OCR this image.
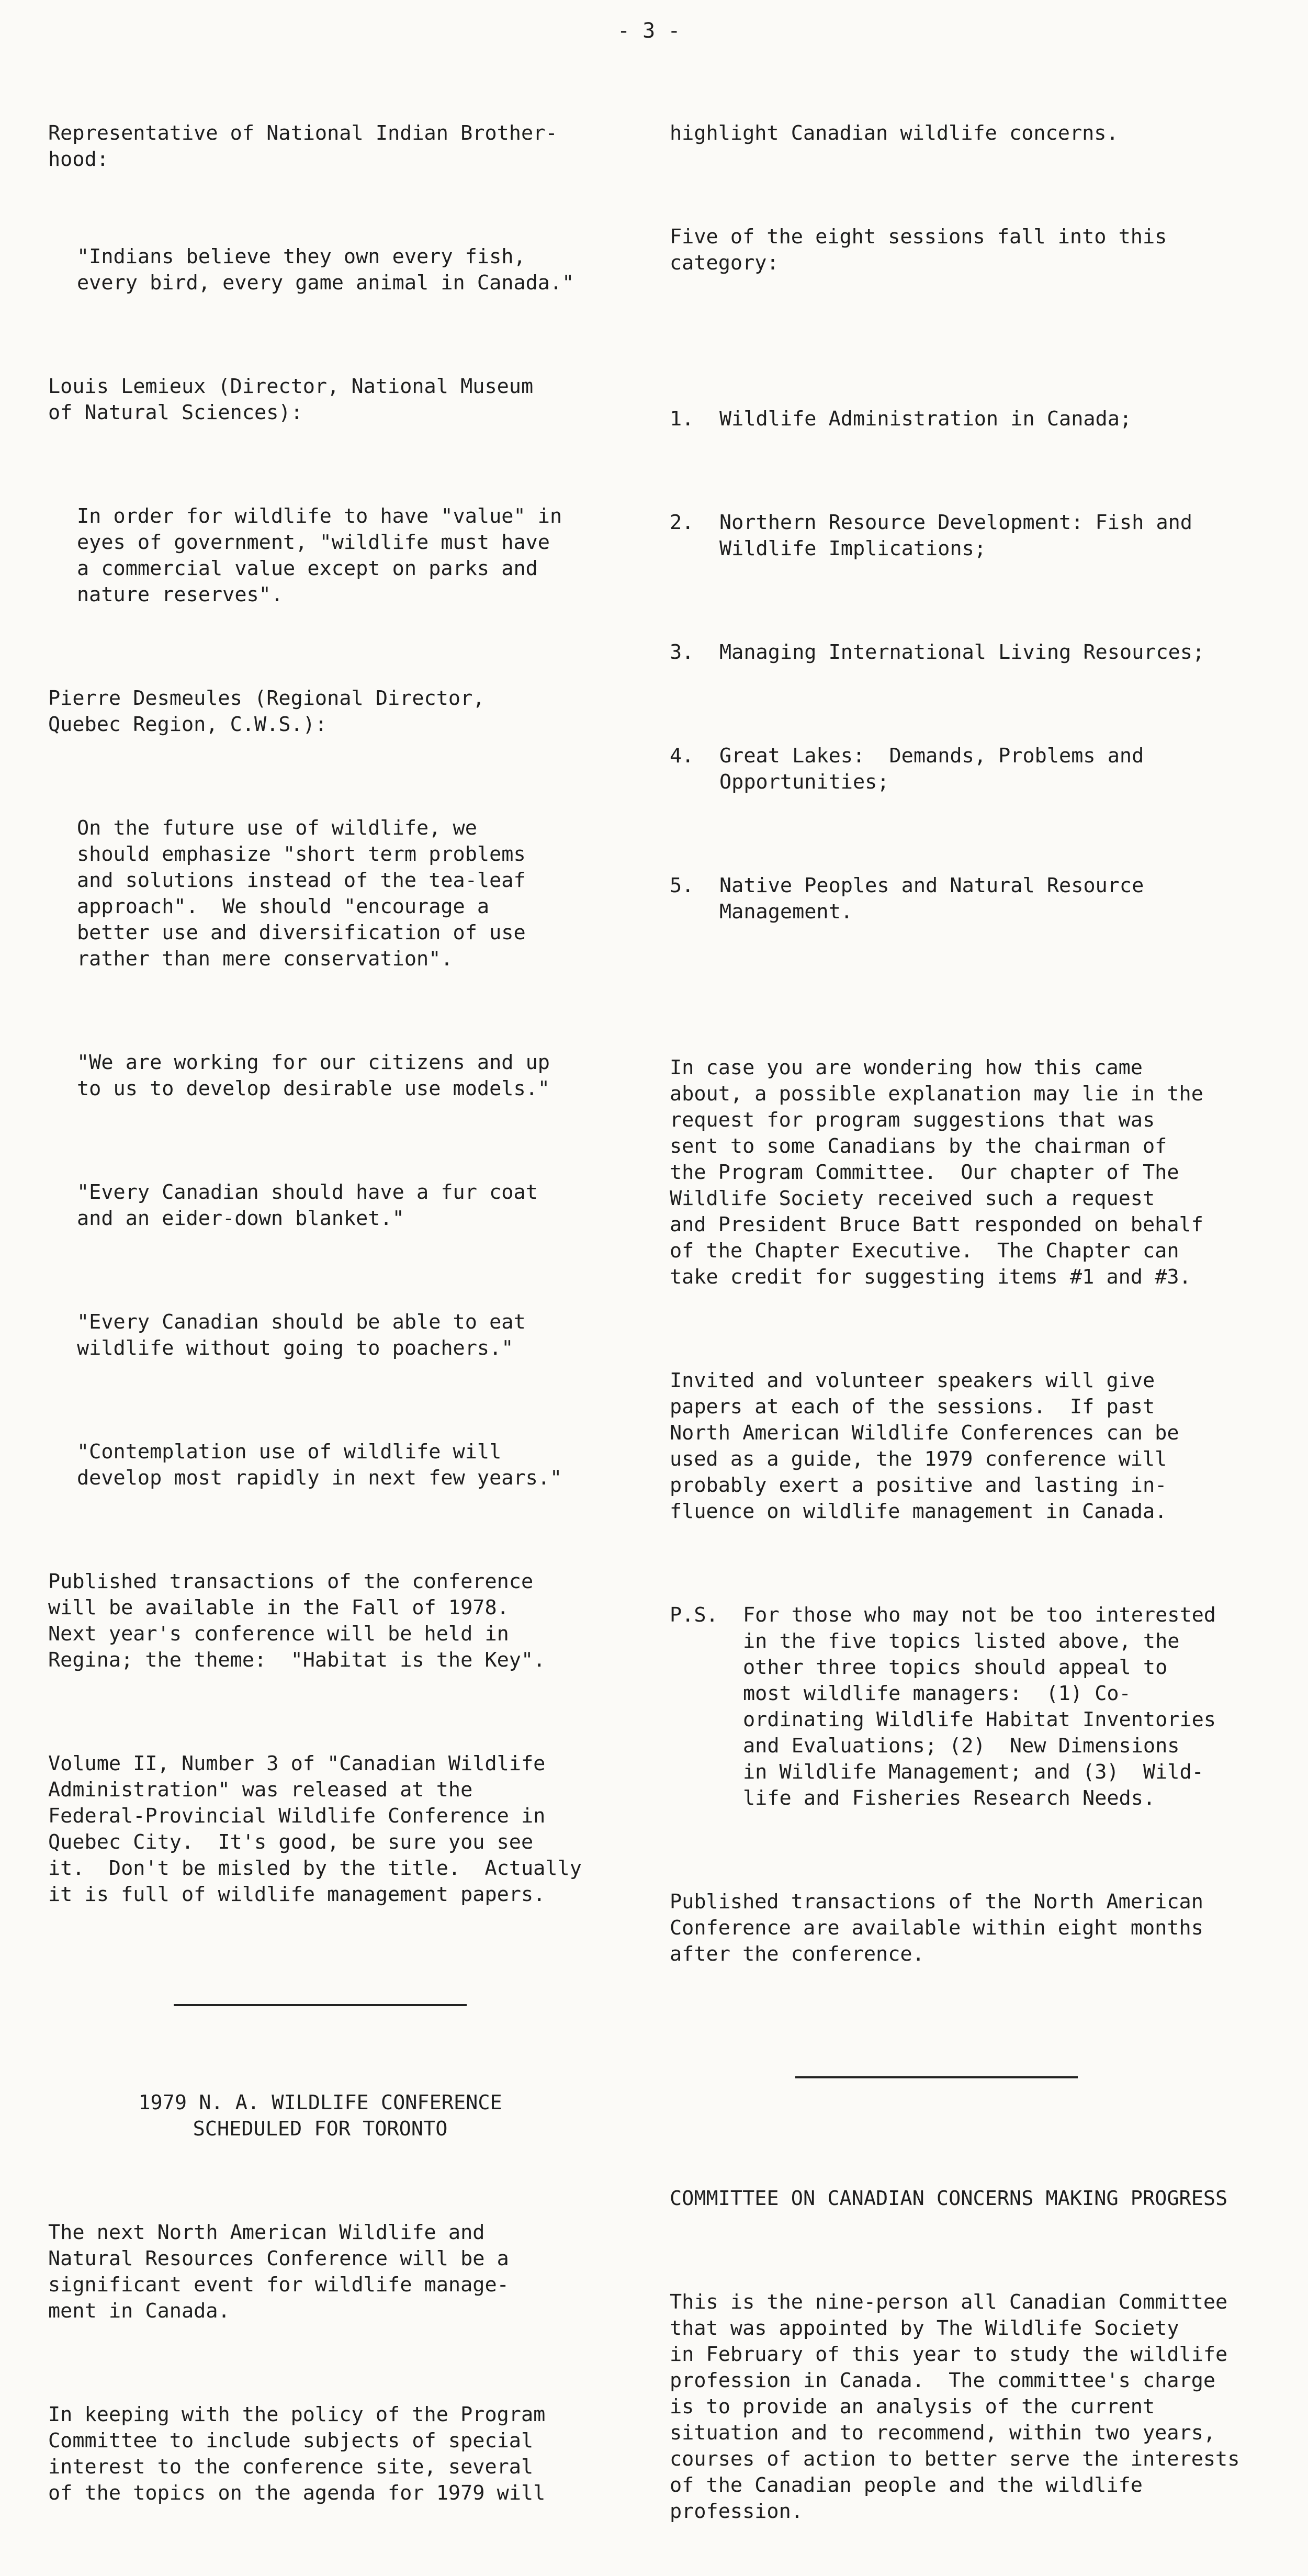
- 3 -

Representative of National Indian Brother-
hood:

"Indians believe they own every fish,
every bird, every game animal in Canada."

Louis Lemieux (Director, National Museum
of Natural Sciences):

In order for wildlife to have "value" in
eyes of government, "wildlife must have
a commercial value except on parks and
nature reserves".

Pierre Desmeules (Regional Director,
Quebec Region, C.W.S.):

On the future use of wildlife, we
should emphasize "short term problems
and solutions instead of the tea-leaf
approach".  We should "encourage a
better use and diversification of use
rather than mere conservation".

"We are working for our citizens and up
to us to develop desirable use models."

"Every Canadian should have a fur coat
and an eider-down blanket."

"Every Canadian should be able to eat
wildlife without going to poachers."

"Contemplation use of wildlife will
develop most rapidly in next few years."

Published transactions of the conference
will be available in the Fall of 1978.
Next year's conference will be held in
Regina; the theme:  "Habitat is the Key".

Volume II, Number 3 of "Canadian Wildlife
Administration" was released at the
Federal-Provincial Wildlife Conference in
Quebec City.  It's good, be sure you see
it.  Don't be misled by the title.  Actually
it is full of wildlife management papers.

1979 N. A. WILDLIFE CONFERENCE
SCHEDULED FOR TORONTO

The next North American Wildlife and
Natural Resources Conference will be a
significant event for wildlife manage-
ment in Canada.

In keeping with the policy of the Program
Committee to include subjects of special
interest to the conference site, several
of the topics on the agenda for 1979 will

highlight Canadian wildlife concerns.

Five of the eight sessions fall into this
category:

1.	Wildlife Administration in Canada;

2.	Northern Resource Development: Fish and
Wildlife Implications;

3.	Managing International Living Resources;

4.	Great Lakes:  Demands, Problems and
Opportunities;

5.	Native Peoples and Natural Resource
Management.

In case you are wondering how this came
about, a possible explanation may lie in the
request for program suggestions that was
sent to some Canadians by the chairman of
the Program Committee.  Our chapter of The
Wildlife Society received such a request
and President Bruce Batt responded on behalf
of the Chapter Executive.  The Chapter can
take credit for suggesting items #1 and #3.

Invited and volunteer speakers will give
papers at each of the sessions.  If past
North American Wildlife Conferences can be
used as a guide, the 1979 conference will
probably exert a positive and lasting in-
fluence on wildlife management in Canada.

P.S.	For those who may not be too interested
in the five topics listed above, the
other three topics should appeal to
most wildlife managers:  (1) Co-
ordinating Wildlife Habitat Inventories
and Evaluations; (2)  New Dimensions
in Wildlife Management; and (3)  Wild-
life and Fisheries Research Needs.

Published transactions of the North American
Conference are available within eight months
after the conference.

COMMITTEE ON CANADIAN CONCERNS MAKING PROGRESS

This is the nine-person all Canadian Committee
that was appointed by The Wildlife Society
in February of this year to study the wildlife
profession in Canada.  The committee's charge
is to provide an analysis of the current
situation and to recommend, within two years,
courses of action to better serve the interests
of the Canadian people and the wildlife
profession.
